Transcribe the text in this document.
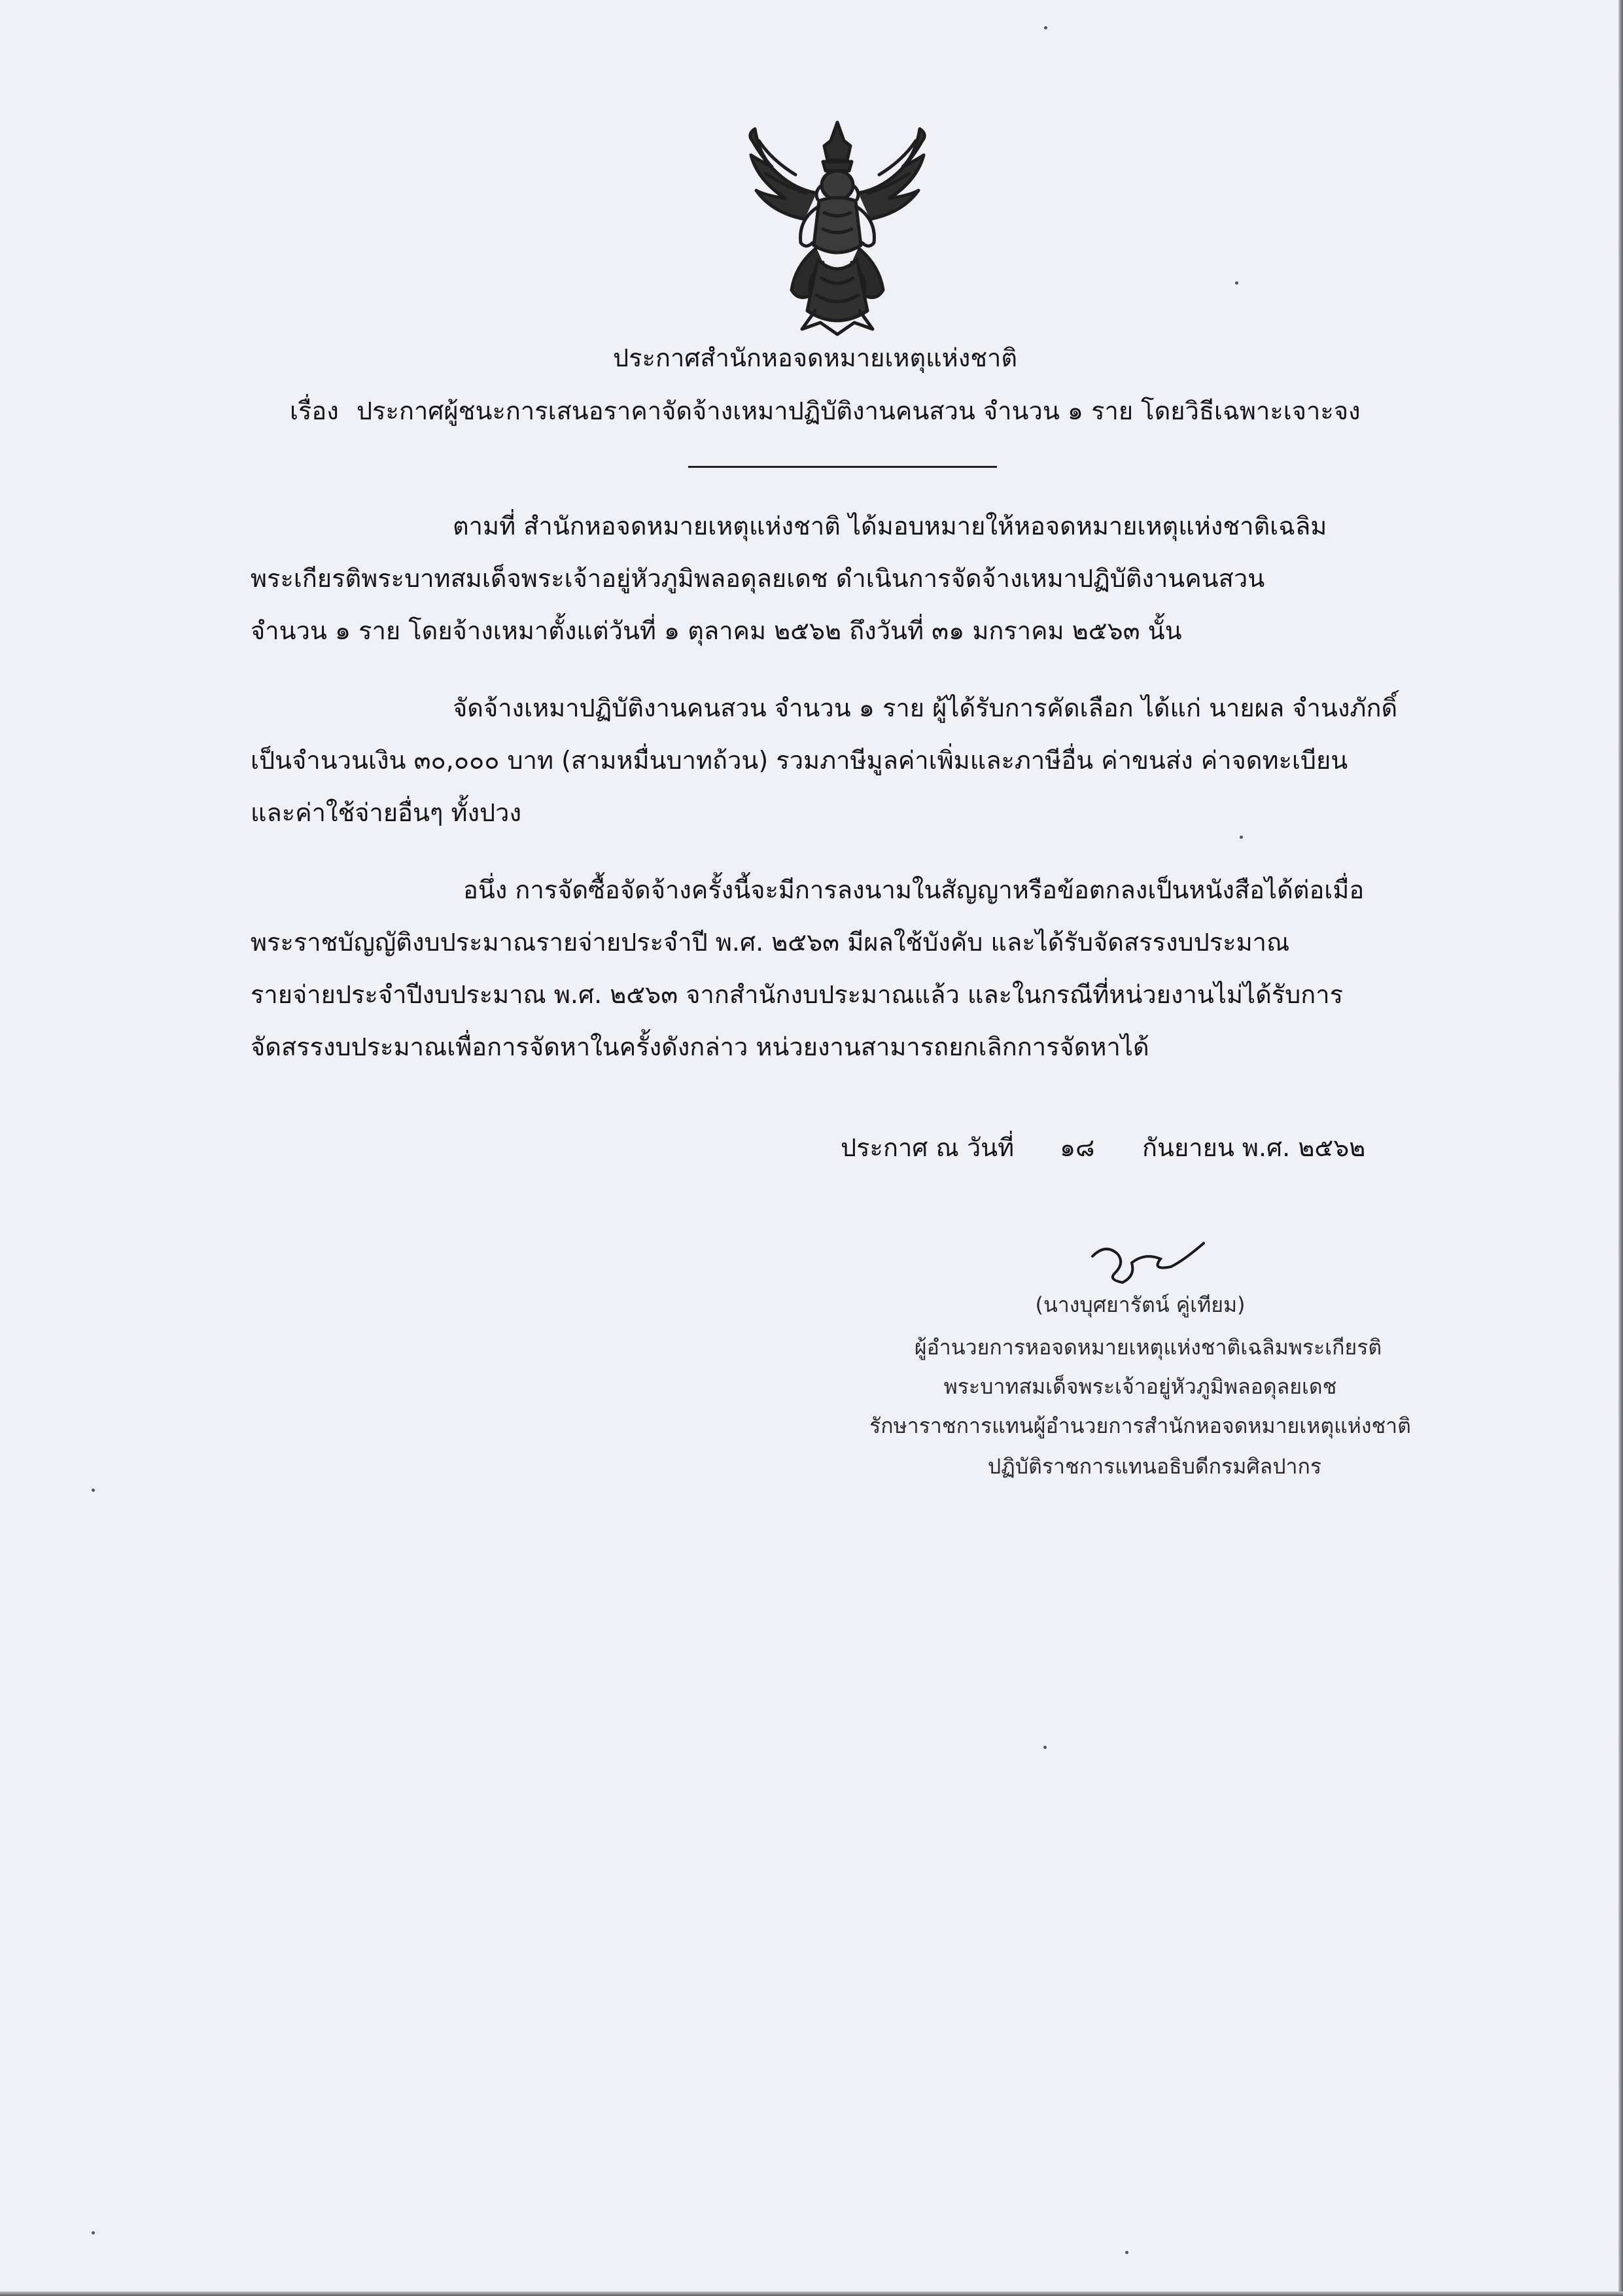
ประกาศสำนักหอจดหมายเหตุแห่งชาติ
เรื่อง ประกาศผู้ชนะการเสนอราคาจัดจ้างเหมาปฏิบัติงานคนสวน จำนวน ๑ ราย โดยวิธีเฉพาะเจาะจง
ตามที่ สำนักหอจดหมายเหตุแห่งชาติ ได้มอบหมายให้หอจดหมายเหตุแห่งชาติเฉลิม
พระเกียรติพระบาทสมเด็จพระเจ้าอยู่หัวภูมิพลอดุลยเดช ดำเนินการจัดจ้างเหมาปฏิบัติงานคนสวน
จำนวน ๑ ราย โดยจ้างเหมาตั้งแต่วันที่ ๑ ตุลาคม ๒๕๖๒ ถึงวันที่ ๓๑ มกราคม ๒๕๖๓ นั้น
จัดจ้างเหมาปฏิบัติงานคนสวน จำนวน ๑ ราย ผู้ได้รับการคัดเลือก ได้แก่ นายผล จำนงภักดิ์
เป็นจำนวนเงิน ๓๐,๐๐๐ บาท (สามหมื่นบาทถ้วน) รวมภาษีมูลค่าเพิ่มและภาษีอื่น ค่าขนส่ง ค่าจดทะเบียน
และค่าใช้จ่ายอื่นๆ ทั้งปวง
อนึ่ง การจัดซื้อจัดจ้างครั้งนี้จะมีการลงนามในสัญญาหรือข้อตกลงเป็นหนังสือได้ต่อเมื่อ
พระราชบัญญัติงบประมาณรายจ่ายประจำปี พ.ศ. ๒๕๖๓ มีผลใช้บังคับ และได้รับจัดสรรงบประมาณ
รายจ่ายประจำปีงบประมาณ พ.ศ. ๒๕๖๓ จากสำนักงบประมาณแล้ว และในกรณีที่หน่วยงานไม่ได้รับการ
จัดสรรงบประมาณเพื่อการจัดหาในครั้งดังกล่าว หน่วยงานสามารถยกเลิกการจัดหาได้
ประกาศ ณ วันที่ ๑๘ กันยายน พ.ศ. ๒๕๖๒
(นางบุศยารัตน์ คู่เทียม)
ผู้อำนวยการหอจดหมายเหตุแห่งชาติเฉลิมพระเกียรติ
พระบาทสมเด็จพระเจ้าอยู่หัวภูมิพลอดุลยเดช
รักษาราชการแทนผู้อำนวยการสำนักหอจดหมายเหตุแห่งชาติ
ปฏิบัติราชการแทนอธิบดีกรมศิลปากร
